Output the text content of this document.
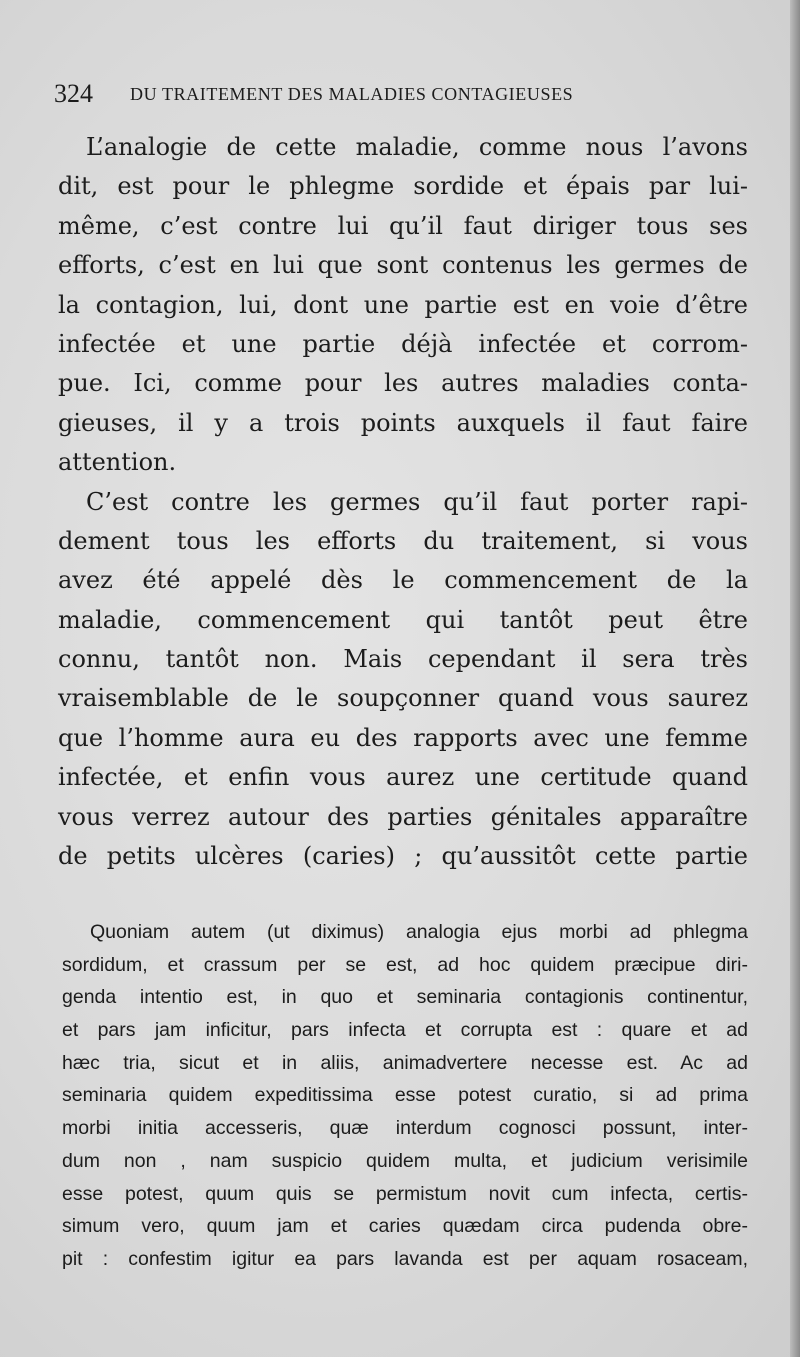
324 DU TRAITEMENT DES MALADIES CONTAGIEUSES
L’analogie de cette maladie, comme nous l’avons
dit, est pour le phlegme sordide et épais par lui-
même, c’est contre lui qu’il faut diriger tous ses
efforts, c’est en lui que sont contenus les germes de
la contagion, lui, dont une partie est en voie d’être
infectée et une partie déjà infectée et corrom-
pue. Ici, comme pour les autres maladies conta-
gieuses, il y a trois points auxquels il faut faire
attention.
C’est contre les germes qu’il faut porter rapi-
dement tous les efforts du traitement, si vous
avez été appelé dès le commencement de la
maladie, commencement qui tantôt peut être
connu, tantôt non. Mais cependant il sera très
vraisemblable de le soupçonner quand vous saurez
que l’homme aura eu des rapports avec une femme
infectée, et enfin vous aurez une certitude quand
vous verrez autour des parties génitales apparaître
de petits ulcères (caries) ; qu’aussitôt cette partie
Quoniam autem (ut diximus) analogia ejus morbi ad phlegma
sordidum, et crassum per se est, ad hoc quidem præcipue diri-
genda intentio est, in quo et seminaria contagionis continentur,
et pars jam inficitur, pars infecta et corrupta est : quare et ad
hæc tria, sicut et in aliis, animadvertere necesse est. Ac ad
seminaria quidem expeditissima esse potest curatio, si ad prima
morbi initia accesseris, quæ interdum cognosci possunt, inter-
dum non , nam suspicio quidem multa, et judicium verisimile
esse potest, quum quis se permistum novit cum infecta, certis-
simum vero, quum jam et caries quædam circa pudenda obre-
pit : confestim igitur ea pars lavanda est per aquam rosaceam,
